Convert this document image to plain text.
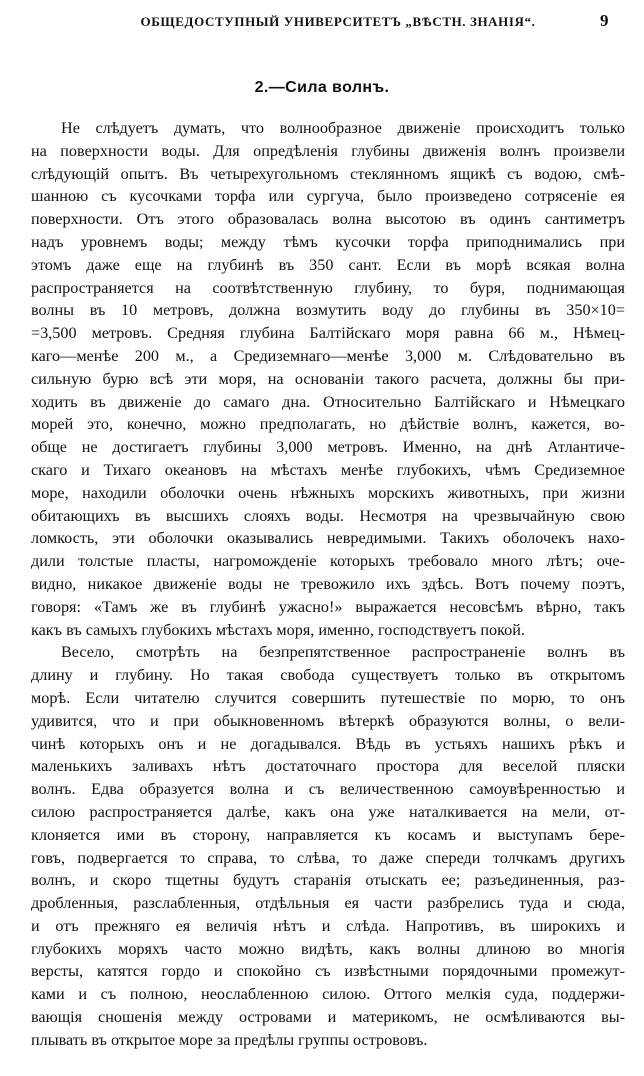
ОБЩЕДОСТУПНЫЙ УНИВЕРСИТЕТЪ „ВѢСТН. ЗНАНІЯ“.	9
2.—Сила волнъ.
Не слѣдуетъ думать, что волнообразное движеніе происходитъ только
на поверхности воды. Для опредѣленія глубины движенія волнъ произвели
слѣдующій опытъ. Въ четырехугольномъ стеклянномъ ящикѣ съ водою, смѣ-
шанною съ кусочками торфа или сургуча, было произведено сотрясеніе ея
поверхности. Отъ этого образовалась волна высотою въ одинъ сантиметръ
надъ уровнемъ воды; между тѣмъ кусочки торфа приподнимались при
этомъ даже еще на глубинѣ въ 350 сант. Если въ морѣ всякая волна
распространяется на соотвѣтственную глубину, то буря, поднимающая
волны въ 10 метровъ, должна возмутить воду до глубины въ 350×10=
=3,500 метровъ. Средняя глубина Балтійскаго моря равна 66 м., Нѣмец-
каго—менѣе 200 м., а Средиземнаго—менѣе 3,000 м. Слѣдовательно въ
сильную бурю всѣ эти моря, на основаніи такого расчета, должны бы при-
ходить въ движеніе до самаго дна. Относительно Балтійскаго и Нѣмецкаго
морей это, конечно, можно предполагать, но дѣйствіе волнъ, кажется, во-
обще не достигаетъ глубины 3,000 метровъ. Именно, на днѣ Атлантиче-
скаго и Тихаго океановъ на мѣстахъ менѣе глубокихъ, чѣмъ Средиземное
море, находили оболочки очень нѣжныхъ морскихъ животныхъ, при жизни
обитающихъ въ высшихъ слояхъ воды. Несмотря на чрезвычайную свою
ломкость, эти оболочки оказывались невредимыми. Такихъ оболочекъ нахо-
дили толстые пласты, нагроможденіе которыхъ требовало много лѣтъ; оче-
видно, никакое движеніе воды не тревожило ихъ здѣсь. Вотъ почему поэтъ,
говоря: «Тамъ же въ глубинѣ ужасно!» выражается несовсѣмъ вѣрно, такъ
какъ въ самыхъ глубокихъ мѣстахъ моря, именно, господствуетъ покой.
Весело, смотрѣть на безпрепятственное распространеніе волнъ въ
длину и глубину. Но такая свобода существуетъ только въ открытомъ
морѣ. Если читателю случится совершить путешествіе по морю, то онъ
удивится, что и при обыкновенномъ вѣтеркѣ образуются волны, о вели-
чинѣ которыхъ онъ и не догадывался. Вѣдь въ устьяхъ нашихъ рѣкъ и
маленькихъ заливахъ нѣтъ достаточнаго простора для веселой пляски
волнъ. Едва образуется волна и съ величественною самоувѣренностью и
силою распространяется далѣе, какъ она уже наталкивается на мели, от-
клоняется ими въ сторону, направляется къ косамъ и выступамъ бере-
говъ, подвергается то справа, то слѣва, то даже спереди толчкамъ другихъ
волнъ, и скоро тщетны будутъ старанія отыскать ее; разъединенныя, раз-
дробленныя, разслабленныя, отдѣльныя ея части разбрелись туда и сюда,
и отъ прежняго ея величія нѣтъ и слѣда. Напротивъ, въ широкихъ и
глубокихъ моряхъ часто можно видѣть, какъ волны длиною во многія
версты, катятся гордо и спокойно съ извѣстными порядочными промежут-
ками и съ полною, неослабленною силою. Оттого мелкія суда, поддержи-
вающія сношенія между островами и материкомъ, не осмѣливаются вы-
плывать въ открытое море за предѣлы группы острововъ.
